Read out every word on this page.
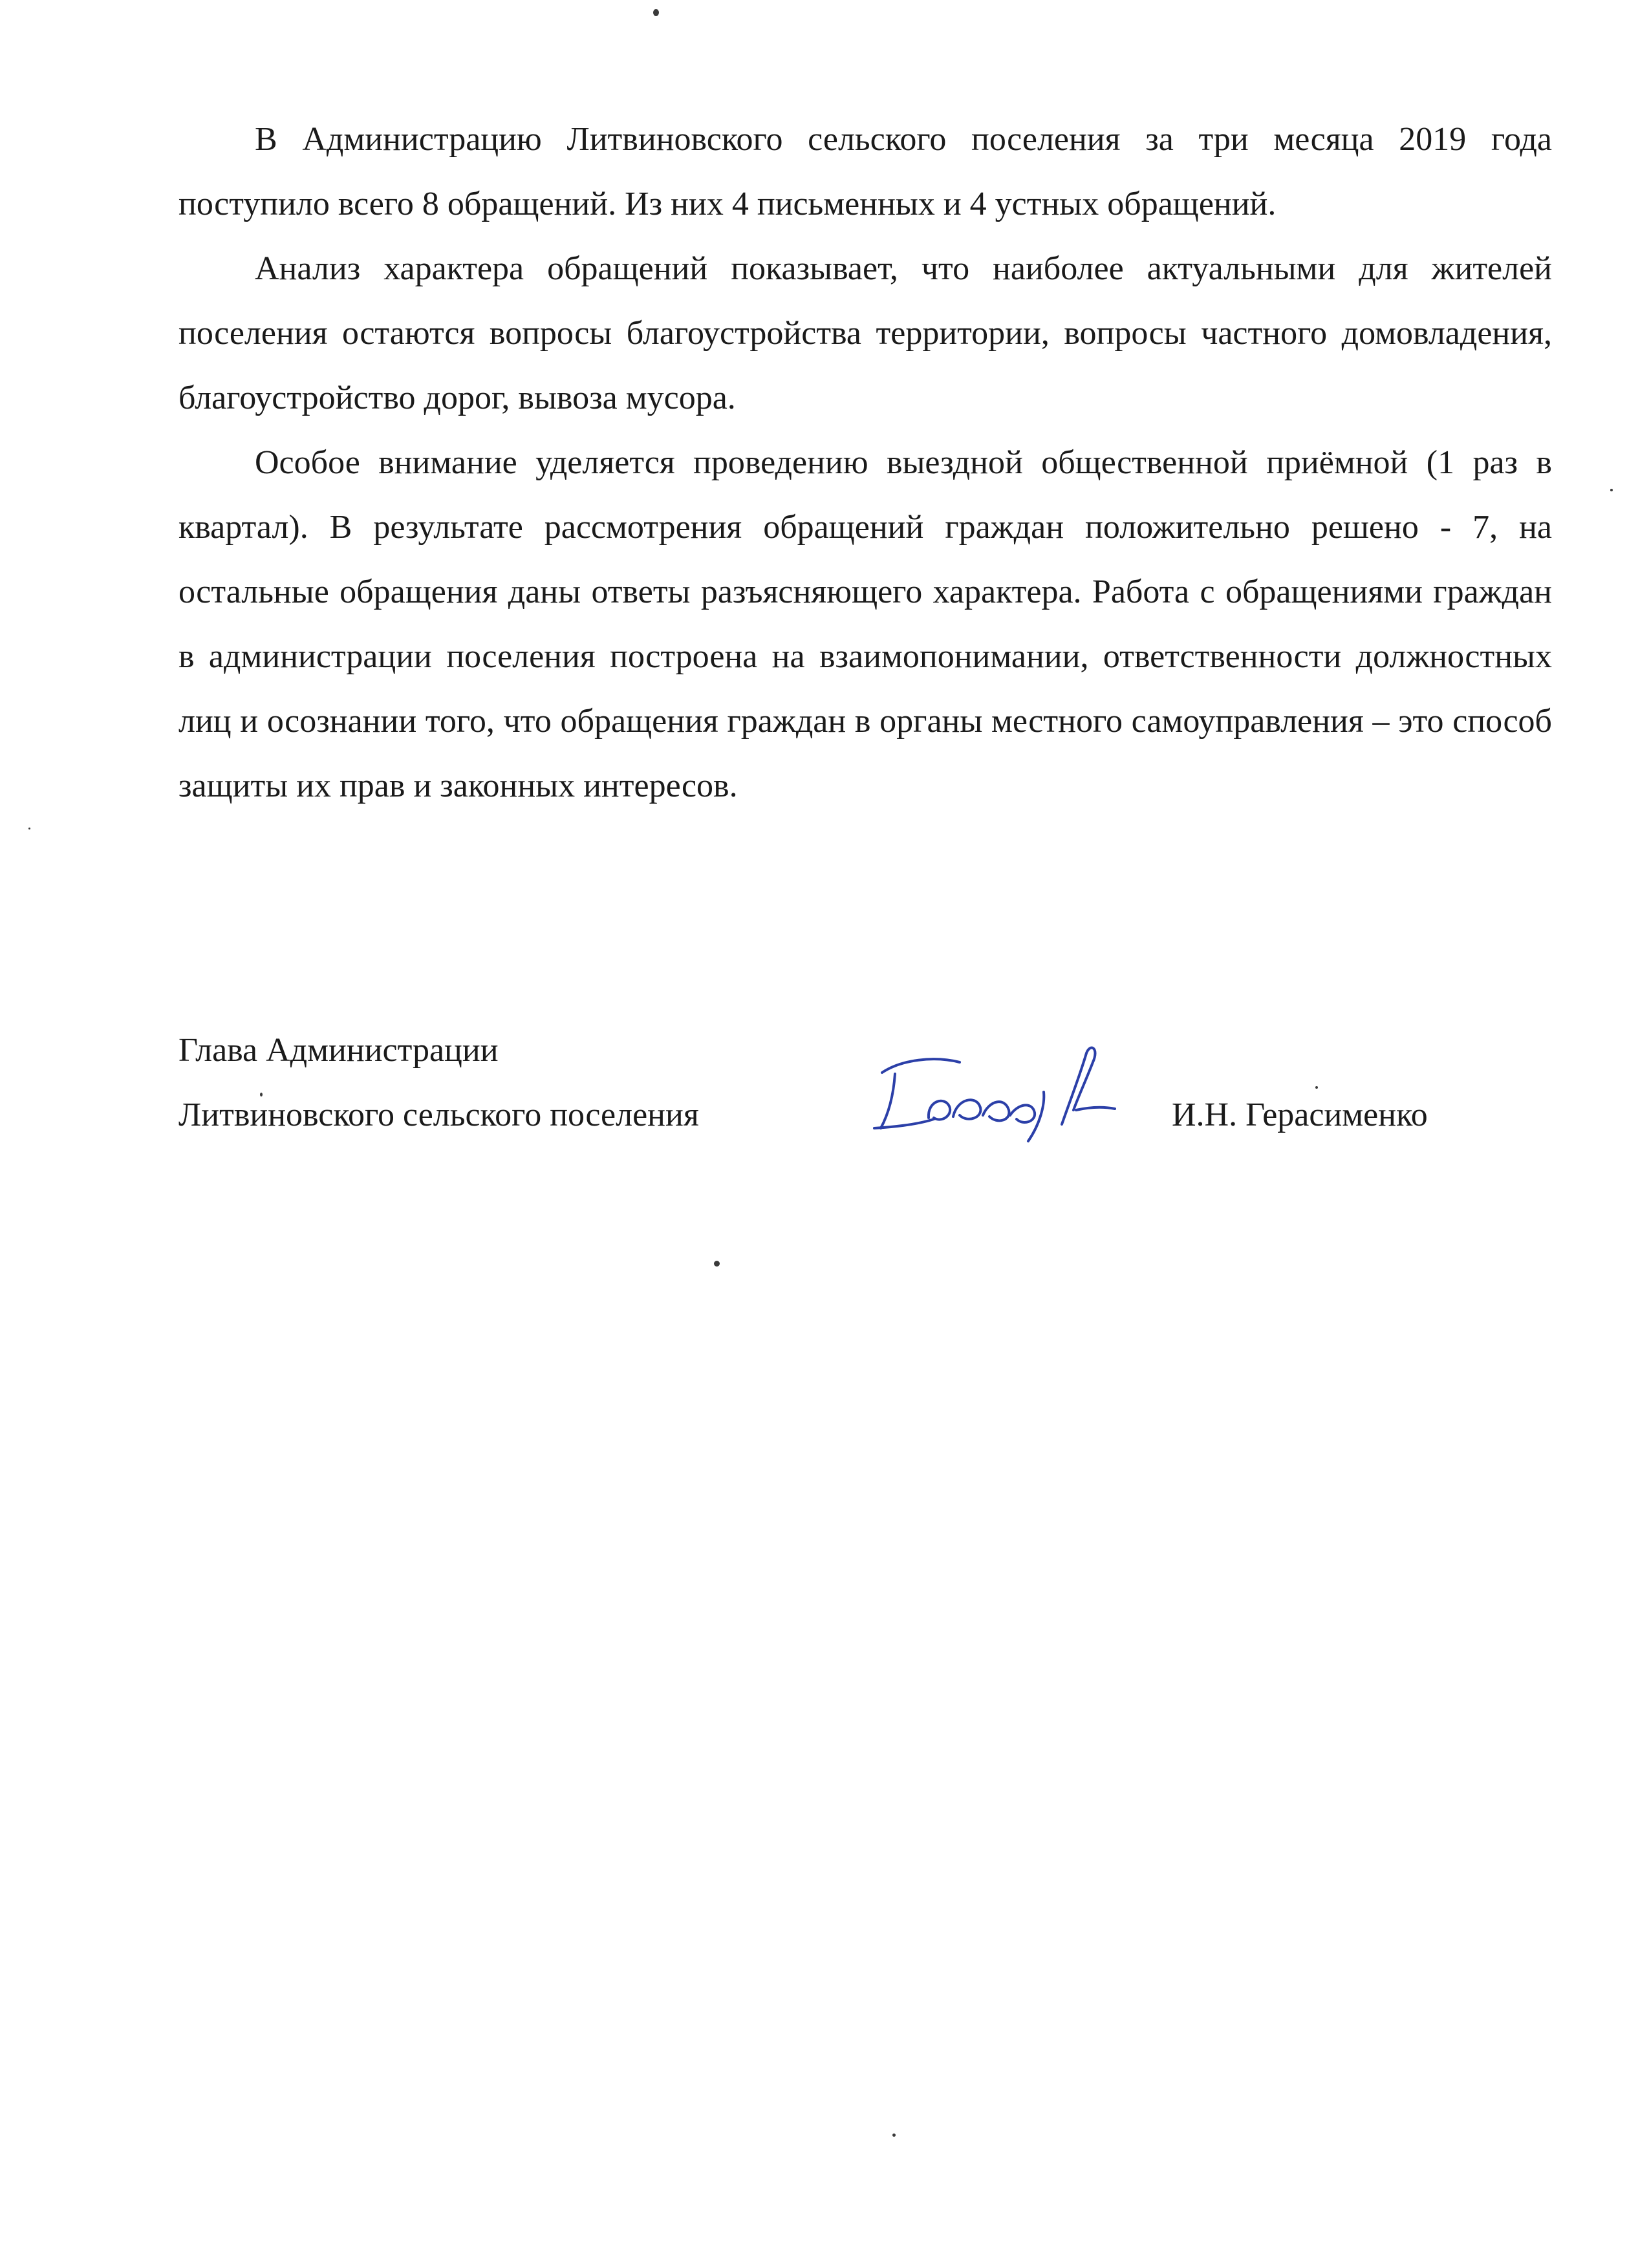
В Администрацию Литвиновского сельского поселения за три месяца 2019 года поступило всего 8 обращений. Из них 4 письменных и 4 устных обращений.

Анализ характера обращений показывает, что наиболее актуальными для жителей поселения остаются вопросы благоустройства территории, вопросы частного домовладения, благоустройство дорог, вывоза мусора.

Особое внимание уделяется проведению выездной общественной приёмной (1 раз в квартал). В результате рассмотрения обращений граждан положительно решено - 7, на остальные обращения даны ответы разъясняющего характера. Работа с обращениями граждан в администрации поселения построена на взаимопонимании, ответственности должностных лиц и осознании того, что обращения граждан в органы местного самоуправления – это способ защиты их прав и законных интересов.

Глава Администрации
Литвиновского сельского поселения	И.Н. Герасименко
